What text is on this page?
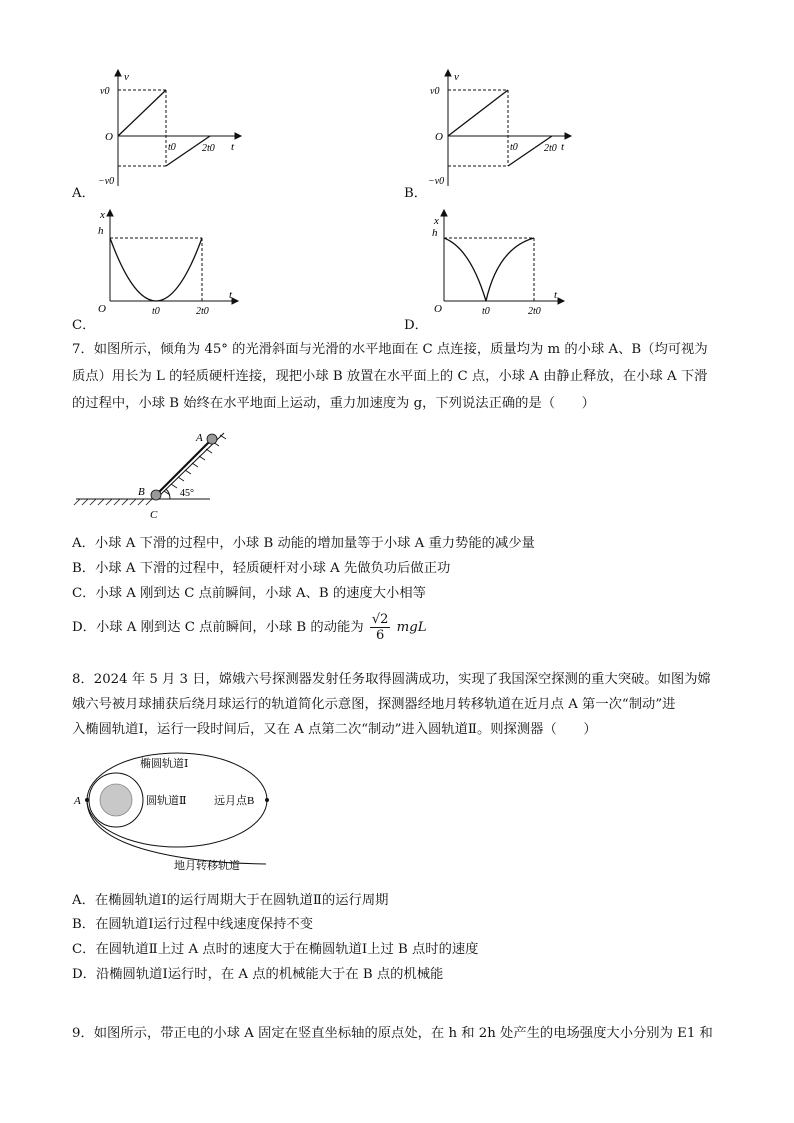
v
t
O
v0
−v0
t0	2t0
A．
v
t
O
v0
−v0
t0	2t0
B．
x
h
O	t0	2t0
t
C．
x
h
O	t0	2t0
t
D．
7．如图所示，倾角为 45° 的光滑斜面与光滑的水平地面在 C 点连接，质量均为 m 的小球 A、B（均可视为
质点）用长为 L 的轻质硬杆连接，现把小球 B 放置在水平面上的 C 点，小球 A 由静止释放，在小球 A 下滑
的过程中，小球 B 始终在水平地面上运动，重力加速度为 g，下列说法正确的是（　　）
A
B
C
45°
A．小球 A 下滑的过程中，小球 B 动能的增加量等于小球 A 重力势能的减少量
B．小球 A 下滑的过程中，轻质硬杆对小球 A 先做负功后做正功
C．小球 A 刚到达 C 点前瞬间，小球 A、B 的速度大小相等
D．小球 A 刚到达 C 点前瞬间，小球 B 的动能为 $\frac{√2}{6}$ mgL
8．2024 年 5 月 3 日，嫦娥六号探测器发射任务取得圆满成功，实现了我国深空探测的重大突破。如图为嫦
娥六号被月球捕获后绕月球运行的轨道简化示意图，探测器经地月转移轨道在近月点 A 第一次“制动”进
入椭圆轨道Ⅰ，运行一段时间后，又在 A 点第二次“制动”进入圆轨道Ⅱ。则探测器（　　）
椭圆轨道Ⅰ
圆轨道Ⅱ	远月点B
A
地月转移轨道
A．在椭圆轨道Ⅰ的运行周期大于在圆轨道Ⅱ的运行周期
B．在圆轨道Ⅰ运行过程中线速度保持不变
C．在圆轨道Ⅱ上过 A 点时的速度大于在椭圆轨道Ⅰ上过 B 点时的速度
D．沿椭圆轨道Ⅰ运行时，在 A 点的机械能大于在 B 点的机械能
9．如图所示，带正电的小球 A 固定在竖直坐标轴的原点处，在 h 和 2h 处产生的电场强度大小分别为 E1 和
